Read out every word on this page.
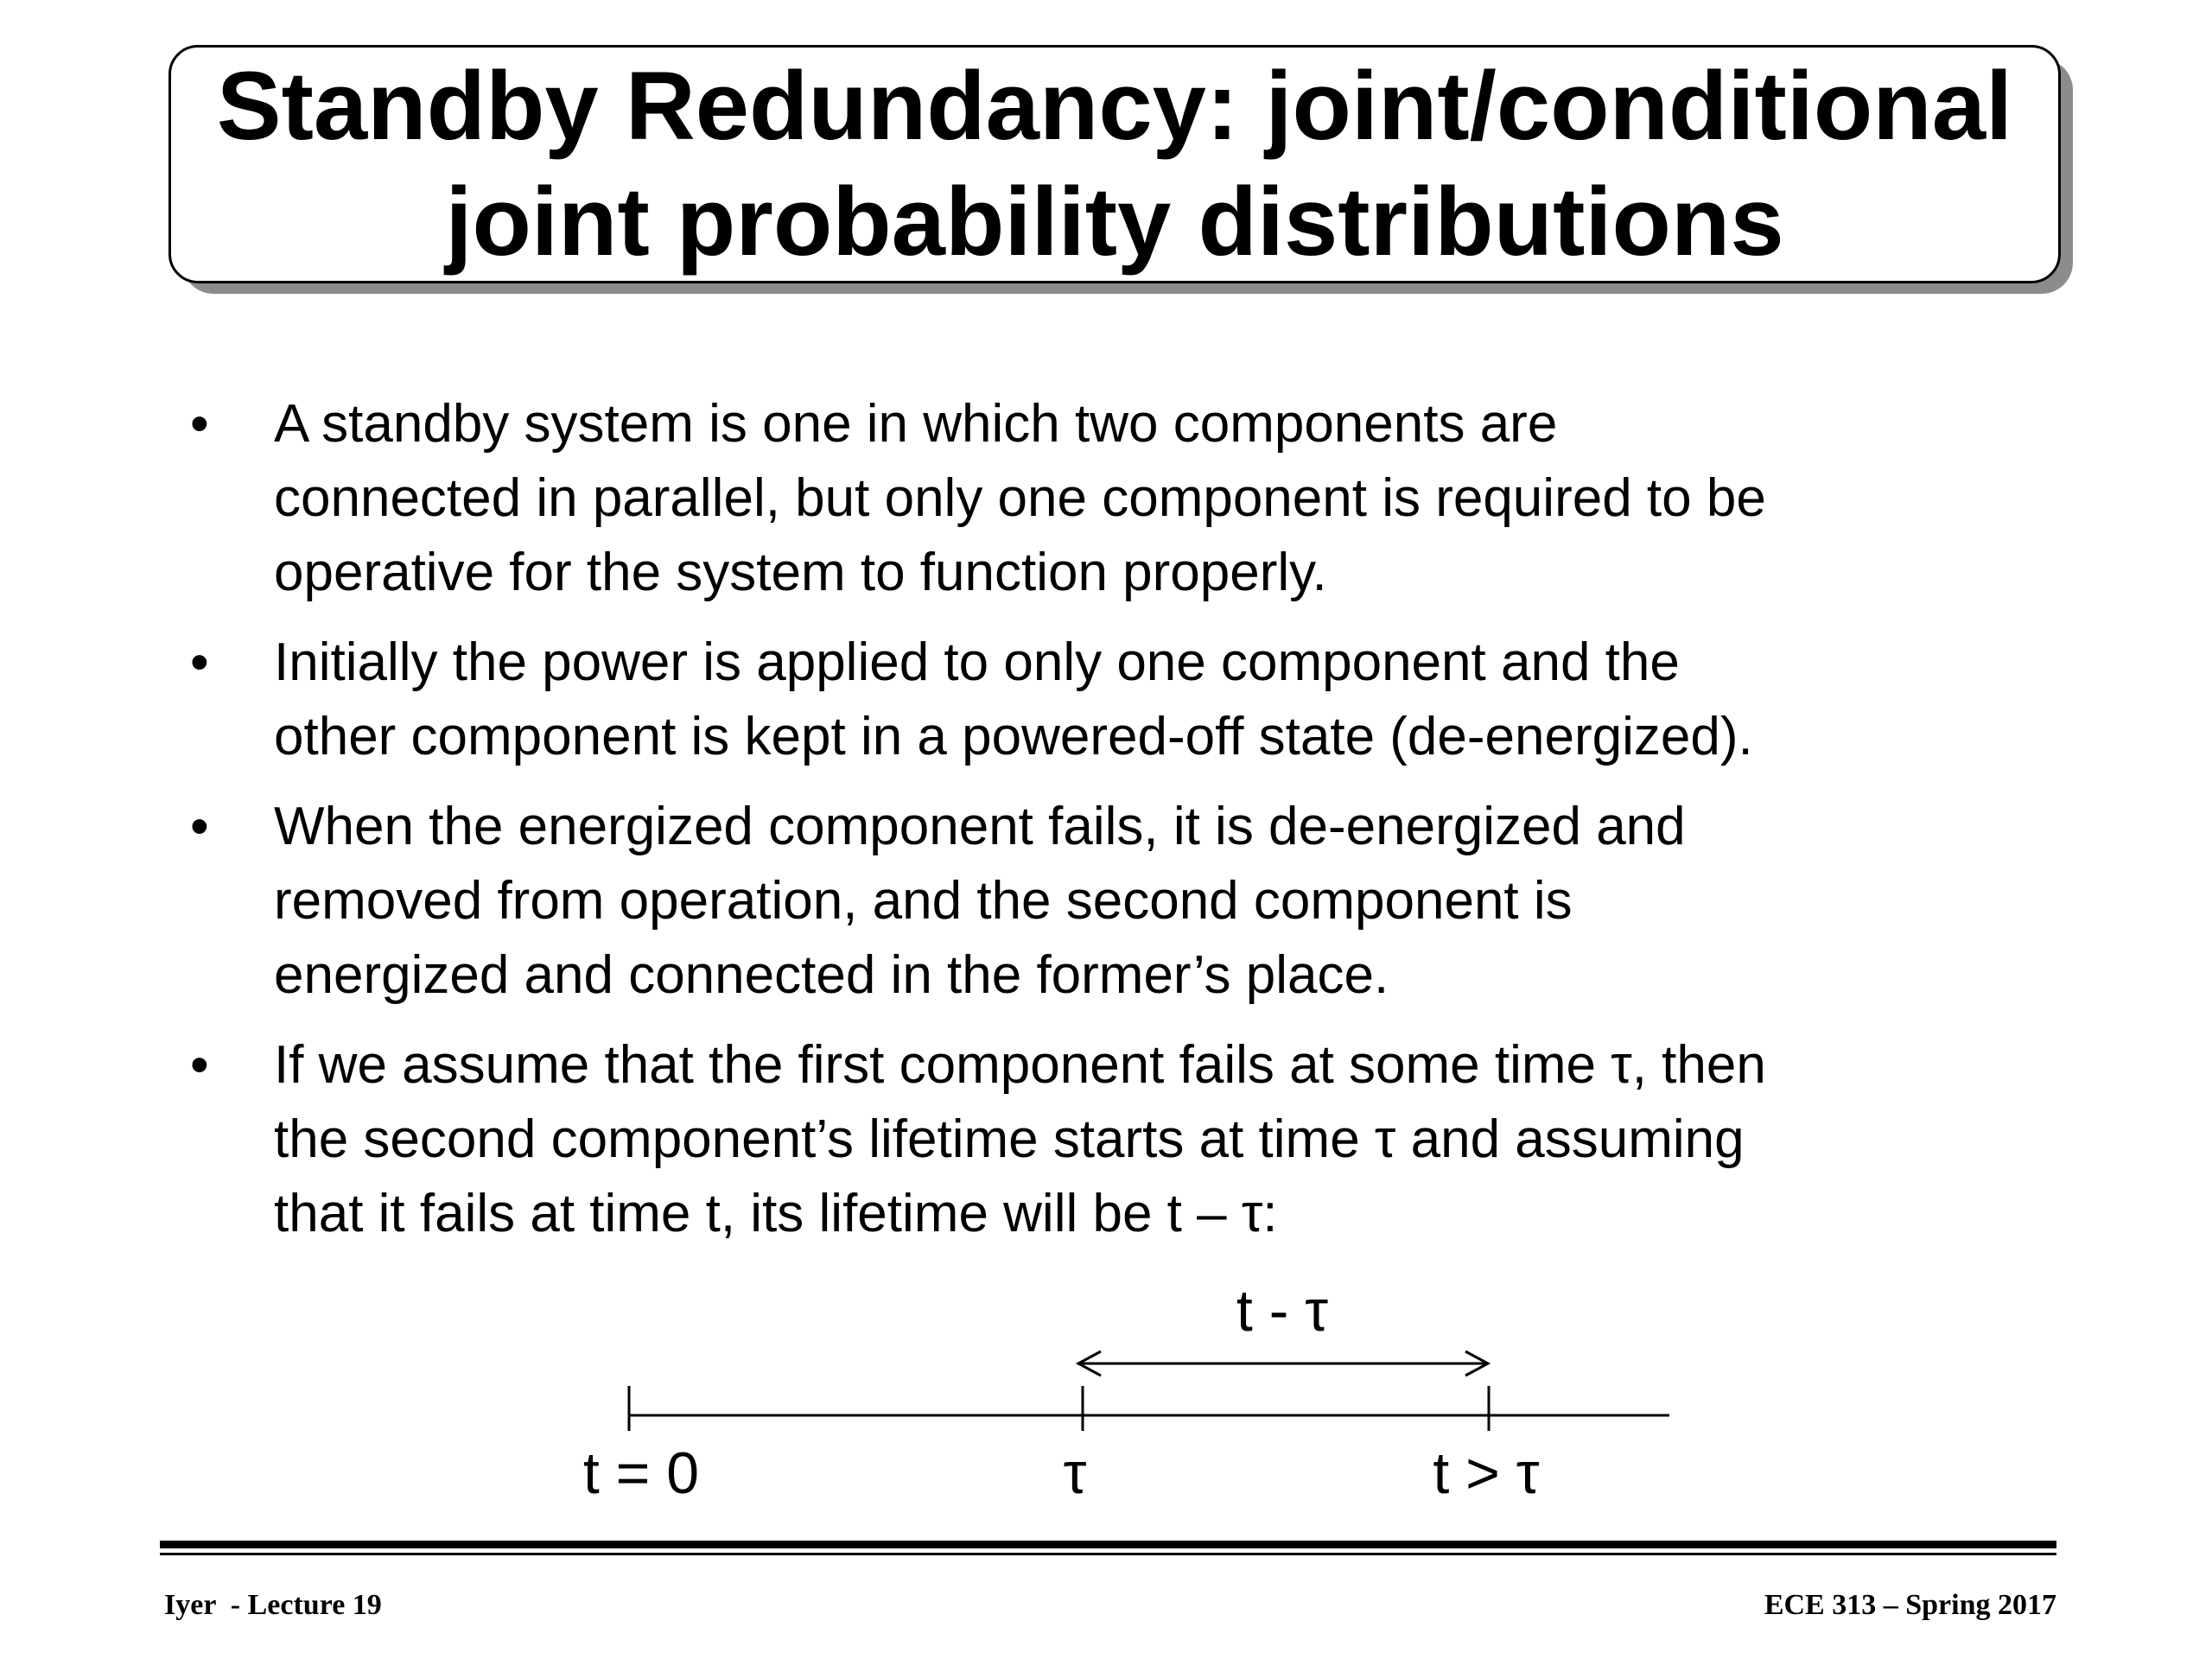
Standby Redundancy: joint/conditional
joint probability distributions
•	A standby system is one in which two components are
connected in parallel, but only one component is required to be
operative for the system to function properly.
•	Initially the power is applied to only one component and the
other component is kept in a powered-off state (de-energized).
•	When the energized component fails, it is de-energized and
removed from operation, and the second component is
energized and connected in the former’s place.
•	If we assume that the first component fails at some time τ, then
the second component’s lifetime starts at time τ and assuming
that it fails at time t, its lifetime will be t – τ:
t - τ
t = 0	τ	t > τ
Iyer  - Lecture 19	ECE 313 – Spring 2017
